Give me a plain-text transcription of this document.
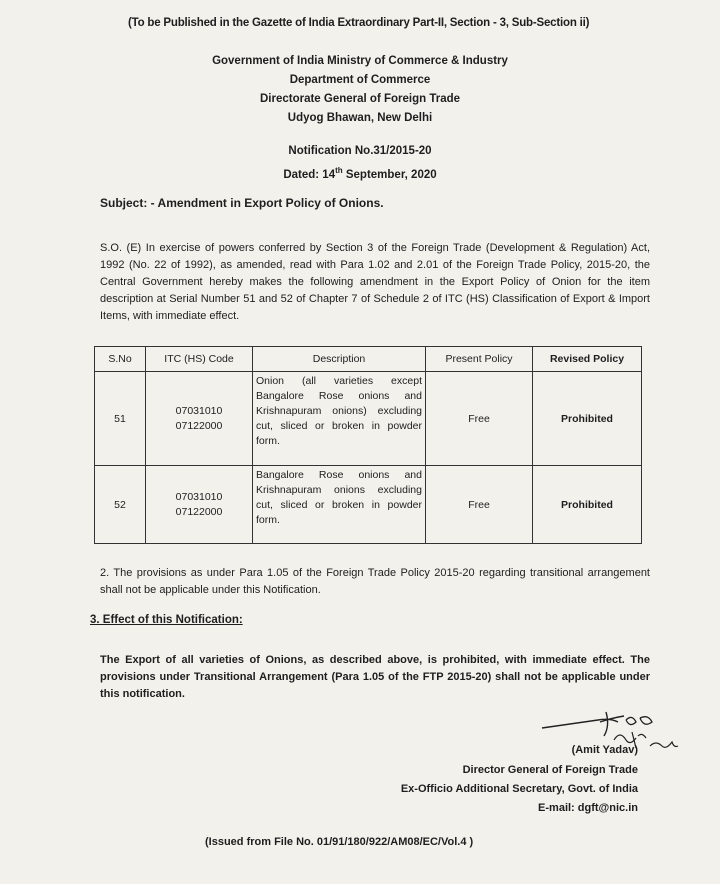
(To be Published in the Gazette of India Extraordinary Part-II, Section - 3, Sub-Section ii)
Government of India Ministry of Commerce & Industry
Department of Commerce
Directorate General of Foreign Trade
Udyog Bhawan, New Delhi
Notification No.31/2015-20
Dated: 14th September, 2020
Subject: - Amendment in Export Policy of Onions.
S.O. (E) In exercise of powers conferred by Section 3 of the Foreign Trade (Development & Regulation) Act, 1992 (No. 22 of 1992), as amended, read with Para 1.02 and 2.01 of the Foreign Trade Policy, 2015-20, the Central Government hereby makes the following amendment in the Export Policy of Onion for the item description at Serial Number 51 and 52 of Chapter 7 of Schedule 2 of ITC (HS) Classification of Export & Import Items, with immediate effect.
S.No	ITC (HS) Code	Description	Present Policy	Revised Policy
51	07031010
07122000	Onion (all varieties except Bangalore Rose onions and Krishnapuram onions) excluding cut, sliced or broken in powder form.	Free	Prohibited
52	07031010
07122000	Bangalore Rose onions and Krishnapuram onions excluding cut, sliced or broken in powder form.	Free	Prohibited
2. The provisions as under Para 1.05 of the Foreign Trade Policy 2015-20 regarding transitional arrangement shall not be applicable under this Notification.
3. Effect of this Notification:
The Export of all varieties of Onions, as described above, is prohibited, with immediate effect. The provisions under Transitional Arrangement (Para 1.05 of the FTP 2015-20) shall not be applicable under this notification.
(Amit Yadav)
Director General of Foreign Trade
Ex-Officio Additional Secretary, Govt. of India
E-mail: dgft@nic.in
(Issued from File No. 01/91/180/922/AM08/EC/Vol.4 )
